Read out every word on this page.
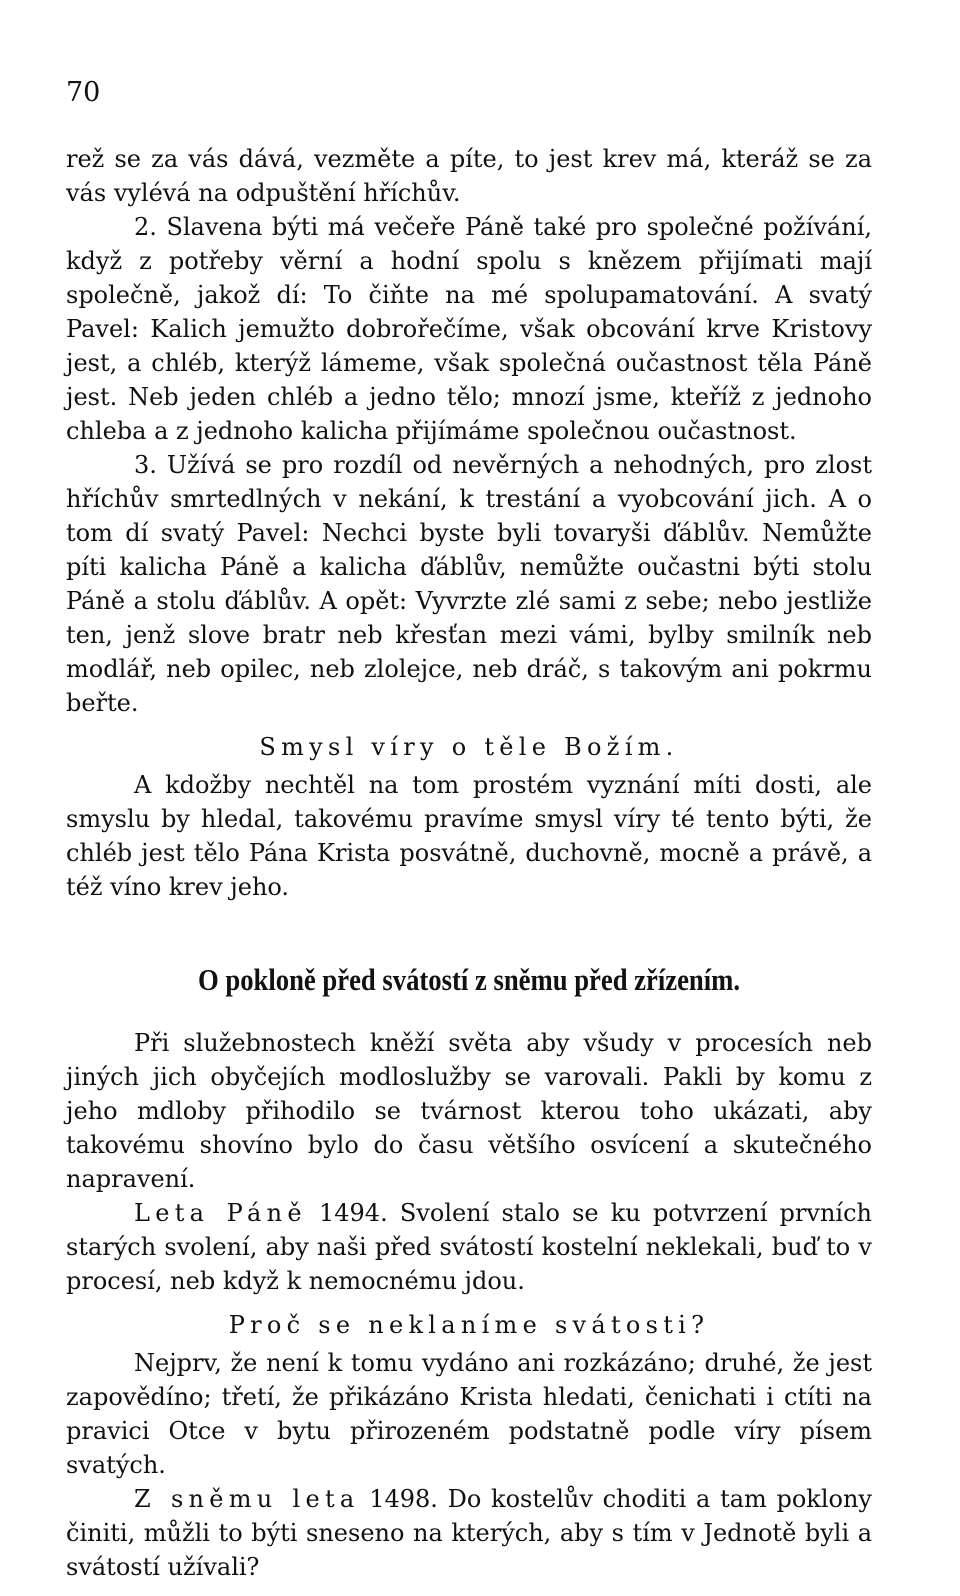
70

rež se za vás dává, vezměte a píte, to jest krev má, kteráž se za vás vylévá na odpuštění hříchův.

2. Slavena býti má večeře Páně také pro společné požívání, když z potřeby věrní a hodní spolu s knězem přijímati mají společně, jakož dí: To čiňte na mé spolupamatování. A svatý Pavel: Kalich jemužto dobrořečíme, však obcování krve Kristovy jest, a chléb, kterýž lámeme, však společná oučastnost těla Páně jest. Neb jeden chléb a jedno tělo; mnozí jsme, kteříž z jednoho chleba a z jednoho kalicha přijímáme společnou oučastnost.

3. Užívá se pro rozdíl od nevěrných a nehodných, pro zlost hříchův smrtedlných v nekání, k trestání a vyobcování jich. A o tom dí svatý Pavel: Nechci byste byli tovaryši ďáblův. Nemůžte píti kalicha Páně a kalicha ďáblův, nemůžte oučastni býti stolu Páně a stolu ďáblův. A opět: Vyvrzte zlé sami z sebe; nebo jestliže ten, jenž slove bratr neb křesťan mezi vámi, bylby smilník neb modlář, neb opilec, neb zlolejce, neb dráč, s takovým ani pokrmu beřte.

Smysl víry o těle Božím.

A kdožby nechtěl na tom prostém vyznání míti dosti, ale smyslu by hledal, takovému pravíme smysl víry té tento býti, že chléb jest tělo Pána Krista posvátně, duchovně, mocně a právě, a též víno krev jeho.

O pokloně před svátostí z sněmu před zřízením.

Při služebnostech kněží světa aby všudy v procesích neb jiných jich obyčejích modloslužby se varovali. Pakli by komu z jeho mdloby přihodilo se tvárnost kterou toho ukázati, aby takovému shovíno bylo do času většího osvícení a skutečného napravení.

Leta Páně 1494. Svolení stalo se ku potvrzení prvních starých svolení, aby naši před svátostí kostelní neklekali, buď to v procesí, neb když k nemocnému jdou.

Proč se neklaníme svátosti?

Nejprv, že není k tomu vydáno ani rozkázáno; druhé, že jest zapovědíno; třetí, že přikázáno Krista hledati, čenichati i ctíti na pravici Otce v bytu přirozeném podstatně podle víry písem svatých.

Z sněmu leta 1498. Do kostelův choditi a tam poklony činiti, můžli to býti sneseno na kterých, aby s tím v Jednotě byli a svátostí užívali?
